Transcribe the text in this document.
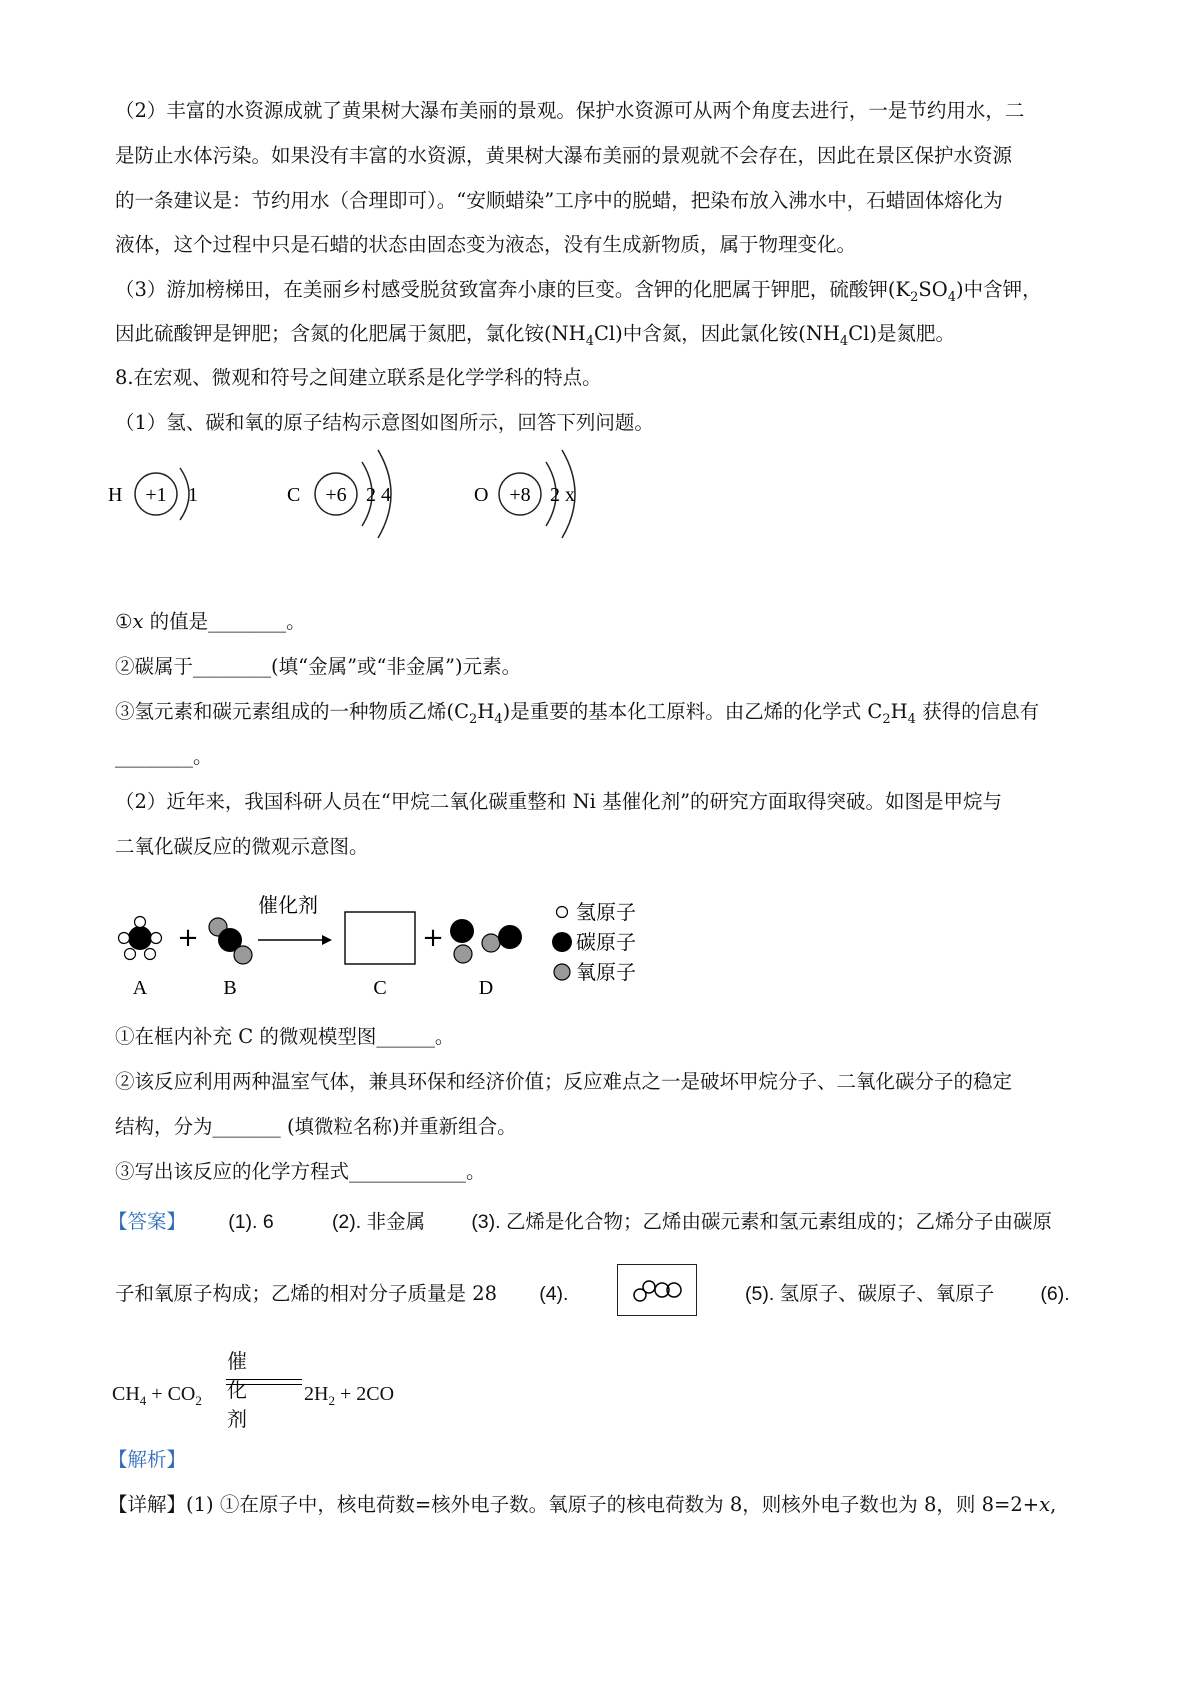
（2）丰富的水资源成就了黄果树大瀑布美丽的景观。保护水资源可从两个角度去进行，一是节约用水，二
是防止水体污染。如果没有丰富的水资源，黄果树大瀑布美丽的景观就不会存在，因此在景区保护水资源
的一条建议是：节约用水（合理即可）。“安顺蜡染”工序中的脱蜡，把染布放入沸水中，石蜡固体熔化为
液体，这个过程中只是石蜡的状态由固态变为液态，没有生成新物质，属于物理变化。
（3）游加榜梯田，在美丽乡村感受脱贫致富奔小康的巨变。含钾的化肥属于钾肥，硫酸钾$(K_2SO_4)$中含钾，
因此硫酸钾是钾肥；含氮的化肥属于氮肥，氯化铵$(NH_4Cl)$中含氮，因此氯化铵$(NH_4Cl)$是氮肥。
8.在宏观、微观和符号之间建立联系是化学学科的特点。
（1）氢、碳和氧的原子结构示意图如图所示，回答下列问题。
H +1 1	C +6 2 4	O +8 2 x
①x 的值是________。
②碳属于________(填“金属”或“非金属”)元素。
③氢元素和碳元素组成的一种物质乙烯$(C_2H_4)$是重要的基本化工原料。由乙烯的化学式 $C_2H_4$ 获得的信息有
________。
（2）近年来，我国科研人员在“甲烷二氧化碳重整和 Ni 基催化剂”的研究方面取得突破。如图是甲烷与
二氧化碳反应的微观示意图。
+
催化剂
+
A	B	C	D
氢原子
碳原子
氧原子
①在框内补充 C 的微观模型图______。
②该反应利用两种温室气体，兼具环保和经济价值；反应难点之一是破坏甲烷分子、二氧化碳分子的稳定
结构，分为_______ (填微粒名称)并重新组合。
③写出该反应的化学方程式____________。
【答案】 (1). 6	(2). 非金属 (3). 乙烯是化合物；乙烯由碳元素和氢元素组成的；乙烯分子由碳原
子和氧原子构成；乙烯的相对分子质量是 28 (4).	(5). 氢原子、碳原子、氧原子 (6).
催化剂
$CH_4 + CO_2$	$2H_2 + 2CO$
【解析】
【详解】(1) ①在原子中，核电荷数=核外电子数。氧原子的核电荷数为 8，则核外电子数也为 8，则 8=2+x,
